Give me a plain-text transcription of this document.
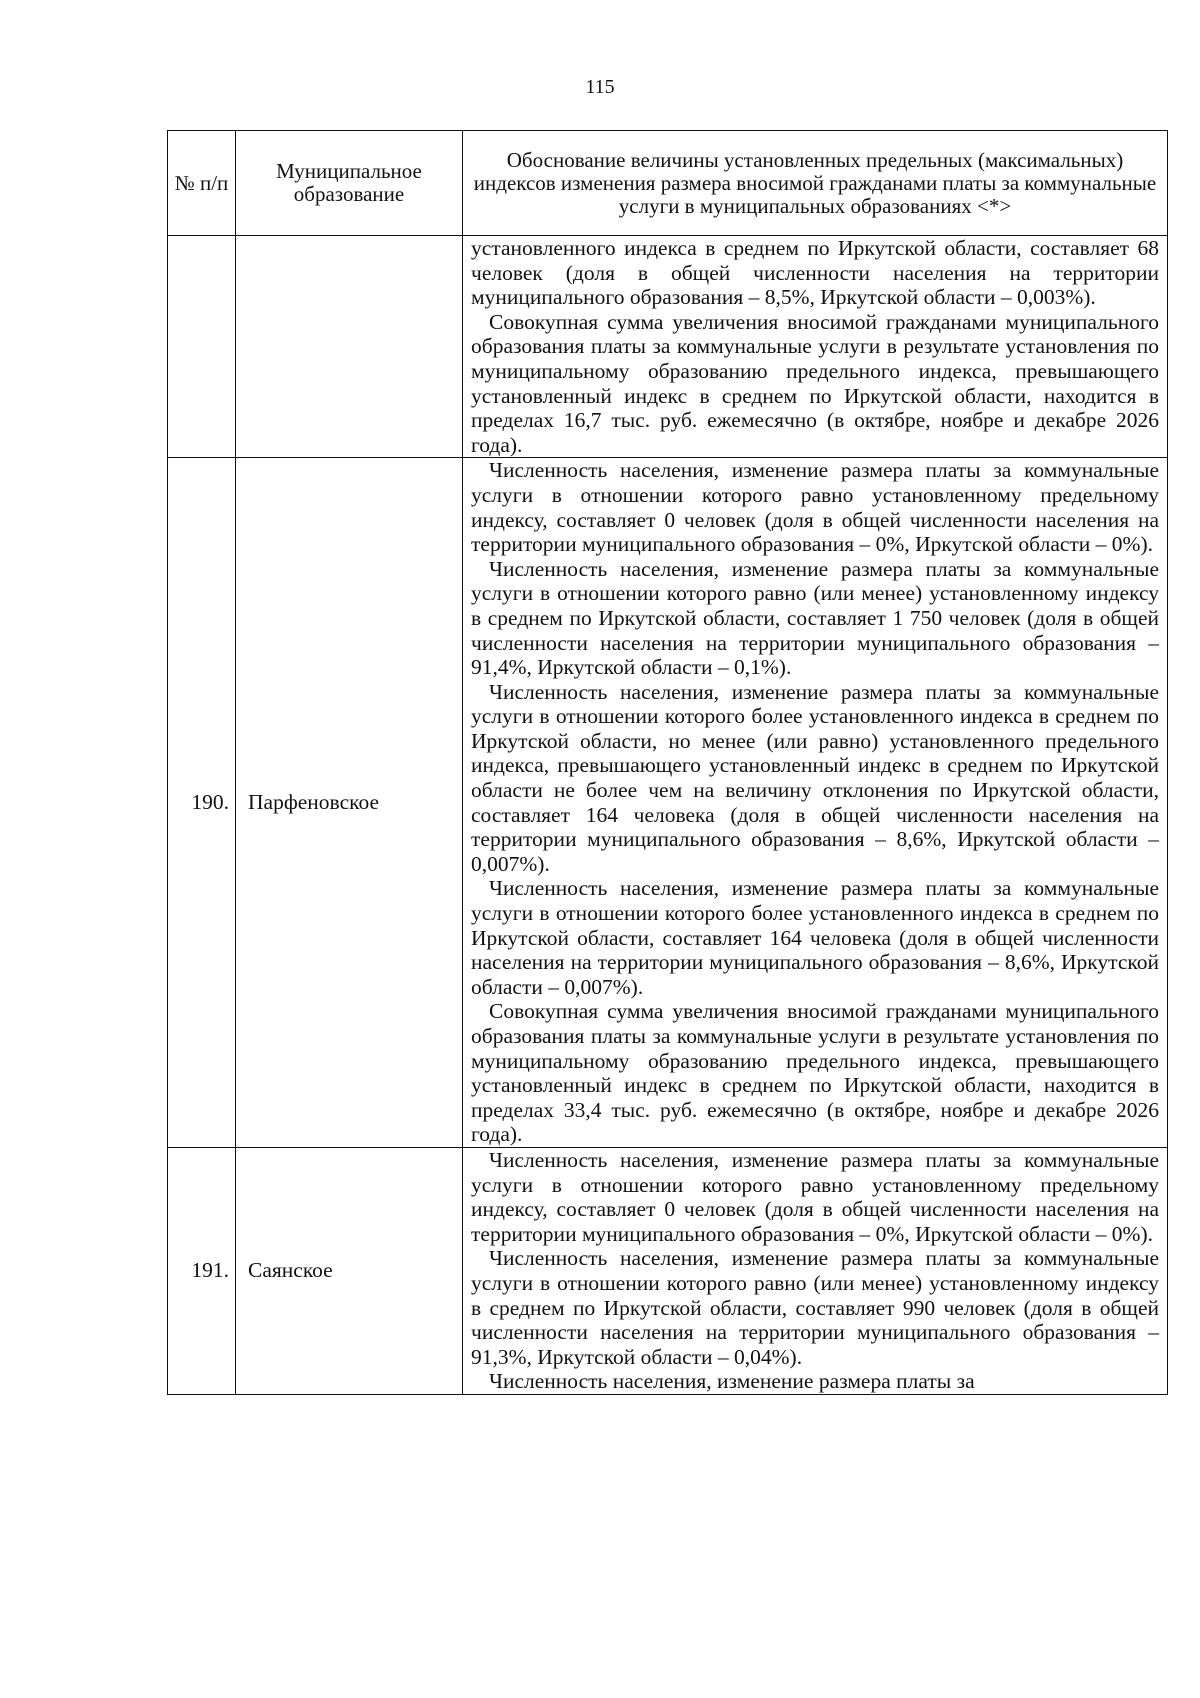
115
№ п/п	Муниципальное образование	Обоснование величины установленных предельных (максимальных) индексов изменения размера вносимой гражданами платы за коммунальные услуги в муниципальных образованиях <*>

		установленного индекса в среднем по Иркутской области, составляет 68 человек (доля в общей численности населения на территории муниципального образования – 8,5%, Иркутской области – 0,003%).

Совокупная сумма увеличения вносимой гражданами муниципального образования платы за коммунальные услуги в результате установления по муниципальному образованию предельного индекса, превышающего установленный индекс в среднем по Иркутской области, находится в пределах 16,7 тыс. руб. ежемесячно (в октябре, ноябре и декабре 2026 года).

190.	Парфеновское	Численность населения, изменение размера платы за коммунальные услуги в отношении которого равно установленному предельному индексу, составляет 0 человек (доля в общей численности населения на территории муниципального образования – 0%, Иркутской области – 0%).

Численность населения, изменение размера платы за коммунальные услуги в отношении которого равно (или менее) установленному индексу в среднем по Иркутской области, составляет 1 750 человек (доля в общей численности населения на территории муниципального образования – 91,4%, Иркутской области – 0,1%).

Численность населения, изменение размера платы за коммунальные услуги в отношении которого более установленного индекса в среднем по Иркутской области, но менее (или равно) установленного предельного индекса, превышающего установленный индекс в среднем по Иркутской области не более чем на величину отклонения по Иркутской области, составляет 164 человека (доля в общей численности населения на территории муниципального образования – 8,6%, Иркутской области – 0,007%).

Численность населения, изменение размера платы за коммунальные услуги в отношении которого более установленного индекса в среднем по Иркутской области, составляет 164 человека (доля в общей численности населения на территории муниципального образования – 8,6%, Иркутской области – 0,007%).

Совокупная сумма увеличения вносимой гражданами муниципального образования платы за коммунальные услуги в результате установления по муниципальному образованию предельного индекса, превышающего установленный индекс в среднем по Иркутской области, находится в пределах 33,4 тыс. руб. ежемесячно (в октябре, ноябре и декабре 2026 года).

191.	Саянское	Численность населения, изменение размера платы за коммунальные услуги в отношении которого равно установленному предельному индексу, составляет 0 человек (доля в общей численности населения на территории муниципального образования – 0%, Иркутской области – 0%).

Численность населения, изменение размера платы за коммунальные услуги в отношении которого равно (или менее) установленному индексу в среднем по Иркутской области, составляет 990 человек (доля в общей численности населения на территории муниципального образования – 91,3%, Иркутской области – 0,04%).

Численность населения, изменение размера платы за
